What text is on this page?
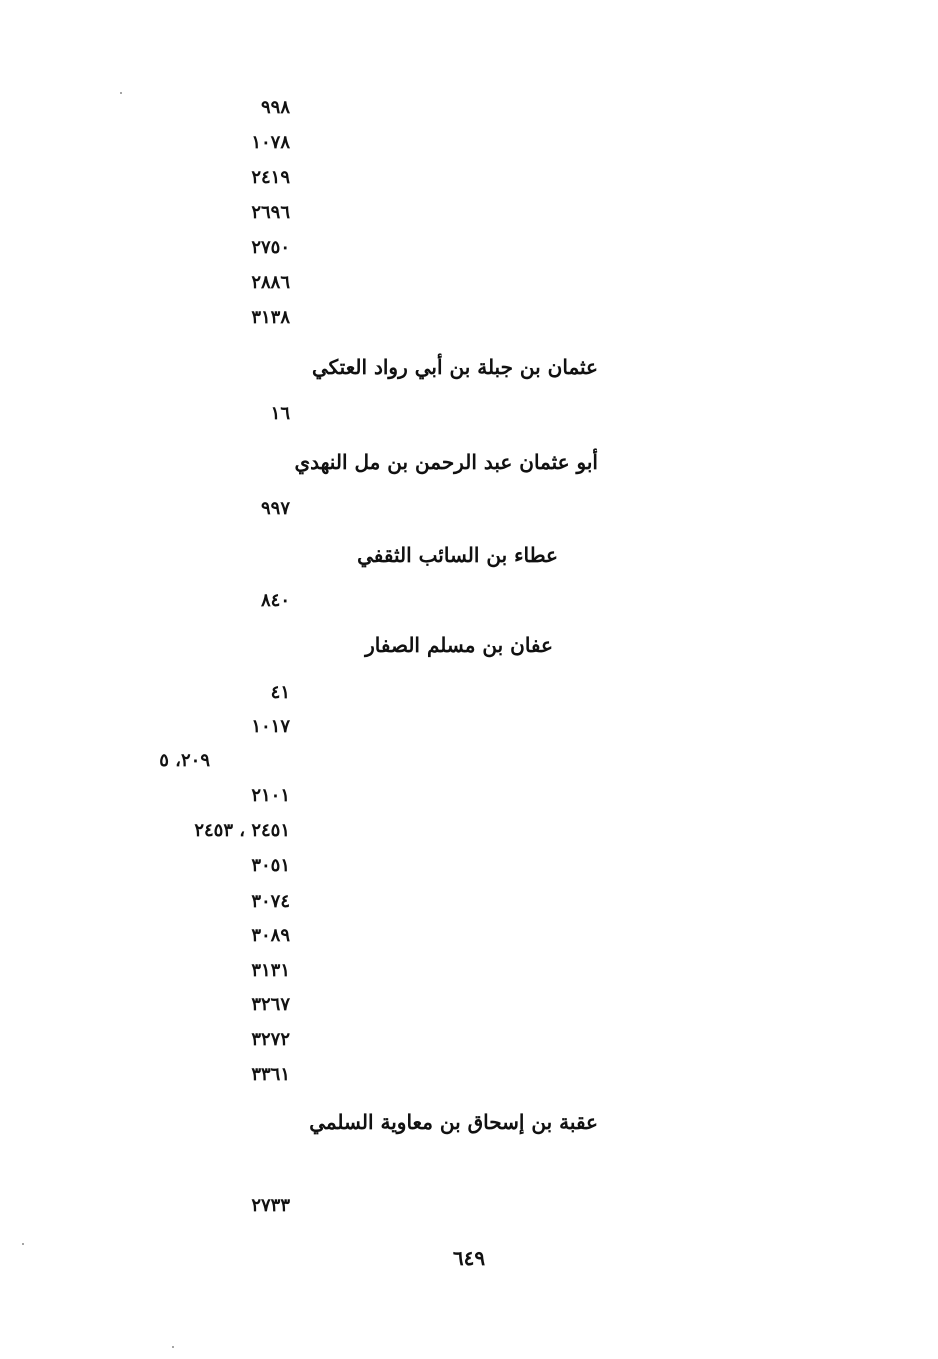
٩٩٨
١٠٧٨
٢٤١٩
٢٦٩٦
٢٧٥٠
٢٨٨٦
٣١٣٨
عثمان بن جبلة بن أبي رواد العتكي
١٦
أبو عثمان عبد الرحمن بن مل النهدي
٩٩٧
عطاء بن السائب الثقفي
٨٤٠
عفان بن مسلم الصفار
٤١
١٠١٧
٢٠٩، ٥
٢١٠١
٢٤٥١ ، ٢٤٥٣
٣٠٥١
٣٠٧٤
٣٠٨٩
٣١٣١
٣٢٦٧
٣٢٧٢
٣٣٦١
عقبة بن إسحاق بن معاوية السلمي
٢٧٣٣
٦٤٩
